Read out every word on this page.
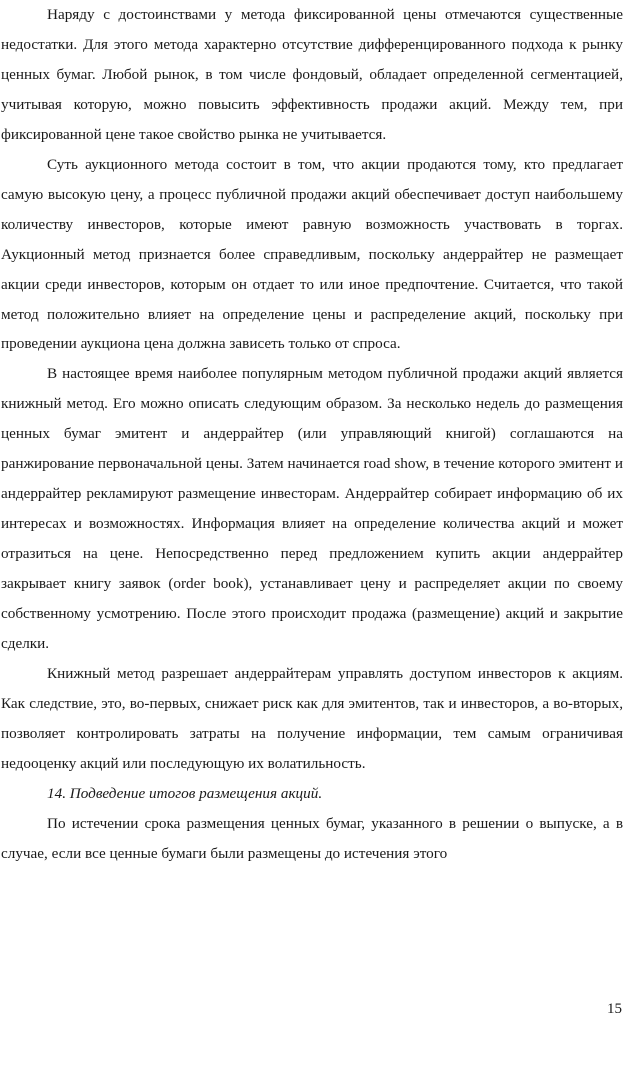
Наряду с достоинствами у метода фиксированной цены отмечаются существенные недостатки. Для этого метода характерно отсутствие дифференцированного подхода к рынку ценных бумаг. Любой рынок, в том числе фондовый, обладает определенной сегментацией, учитывая которую, можно повысить эффективность продажи акций. Между тем, при фиксированной цене такое свойство рынка не учитывается.

Суть аукционного метода состоит в том, что акции продаются тому, кто предлагает самую высокую цену, а процесс публичной продажи акций обеспечивает доступ наибольшему количеству инвесторов, которые имеют равную возможность участвовать в торгах. Аукционный метод признается более справедливым, поскольку андеррайтер не размещает акции среди инвесторов, которым он отдает то или иное предпочтение. Считается, что такой метод положительно влияет на определение цены и распределение акций, поскольку при проведении аукциона цена должна зависеть только от спроса.

В настоящее время наиболее популярным методом публичной продажи акций является книжный метод. Его можно описать следующим образом. За несколько недель до размещения ценных бумаг эмитент и андеррайтер (или управляющий книгой) соглашаются на ранжирование первоначальной цены. Затем начинается road show, в течение которого эмитент и андеррайтер рекламируют размещение инвесторам. Андеррайтер собирает информацию об их интересах и возможностях. Информация влияет на определение количества акций и может отразиться на цене. Непосредственно перед предложением купить акции андеррайтер закрывает книгу заявок (order book), устанавливает цену и распределяет акции по своему собственному усмотрению. После этого происходит продажа (размещение) акций и закрытие сделки.

Книжный метод разрешает андеррайтерам управлять доступом инвесторов к акциям. Как следствие, это, во-первых, снижает риск как для эмитентов, так и инвесторов, а во-вторых, позволяет контролировать затраты на получение информации, тем самым ограничивая недооценку акций или последующую их волатильность.

14. Подведение итогов размещения акций.

По истечении срока размещения ценных бумаг, указанного в решении о выпуске, а в случае, если все ценные бумаги были размещены до истечения этого

15
